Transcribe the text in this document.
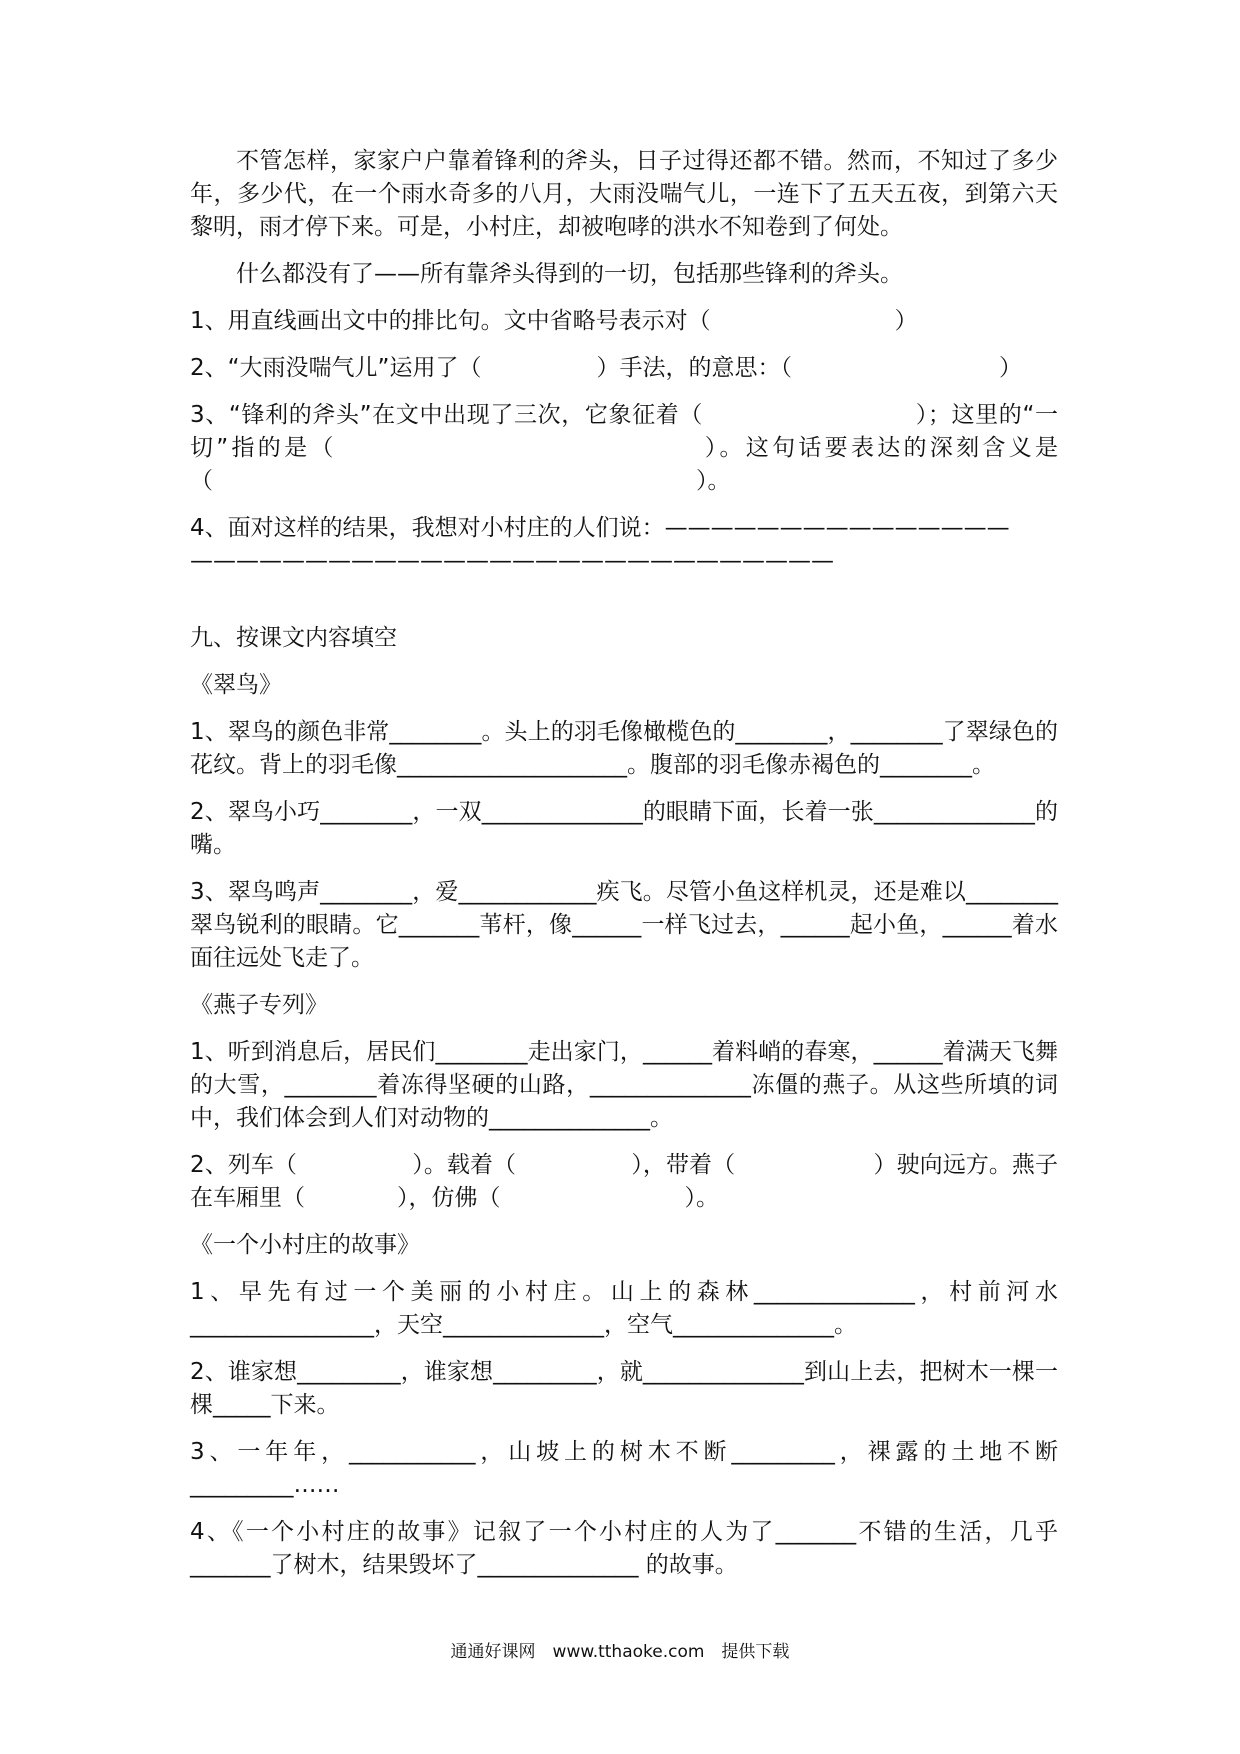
不管怎样，家家户户靠着锋利的斧头，日子过得还都不错。然而，不知过了多少年，多少代，在一个雨水奇多的八月，大雨没喘气儿，一连下了五天五夜，到第六天黎明，雨才停下来。可是，小村庄，却被咆哮的洪水不知卷到了何处。

什么都没有了——所有靠斧头得到的一切，包括那些锋利的斧头。

1、用直线画出文中的排比句。文中省略号表示对（　　　　　　　　）

2、“大雨没喘气儿”运用了（　　　　　）手法，的意思：（　　　　　　　　　）

3、“锋利的斧头”在文中出现了三次，它象征着（　　　　　　　　　）；这里的“一切”指的是（　　　　　　　　　　　　　　）。这句话要表达的深刻含义是（　　　　　　　　　　　　　　　　　　　　　）。

4、面对这样的结果，我想对小村庄的人们说：———————————————

————————————————————————————

九、按课文内容填空

《翠鸟》

1、翠鸟的颜色非常________。头上的羽毛像橄榄色的________，________了翠绿色的花纹。背上的羽毛像____________________。腹部的羽毛像赤褐色的________。

2、翠鸟小巧________，一双______________的眼睛下面，长着一张______________的嘴。

3、翠鸟鸣声________，爱____________疾飞。尽管小鱼这样机灵，还是难以________翠鸟锐利的眼睛。它_______苇杆，像______一样飞过去，______起小鱼，______着水面往远处飞走了。

《燕子专列》

1、听到消息后，居民们________走出家门，______着料峭的春寒，______着满天飞舞的大雪，________着冻得坚硬的山路，______________冻僵的燕子。从这些所填的词中，我们体会到人们对动物的______________。

2、列车（　　　　　）。载着（　　　　　），带着（　　　　　　）驶向远方。燕子在车厢里（　　　　），仿佛（　　　　　　　　）。

《一个小村庄的故事》

1、早先有过一个美丽的小村庄。山上的森林______________，村前河水________________，天空______________，空气______________。

2、谁家想_________，谁家想_________，就______________到山上去，把树木一棵一棵_____下来。

3、一年年，___________，山坡上的树木不断_________，裸露的土地不断_________……

4、《一个小村庄的故事》记叙了一个小村庄的人为了_______不错的生活，几乎_______了树木，结果毁坏了______________ 的故事。

通通好课网　www.tthaoke.com　提供下载
